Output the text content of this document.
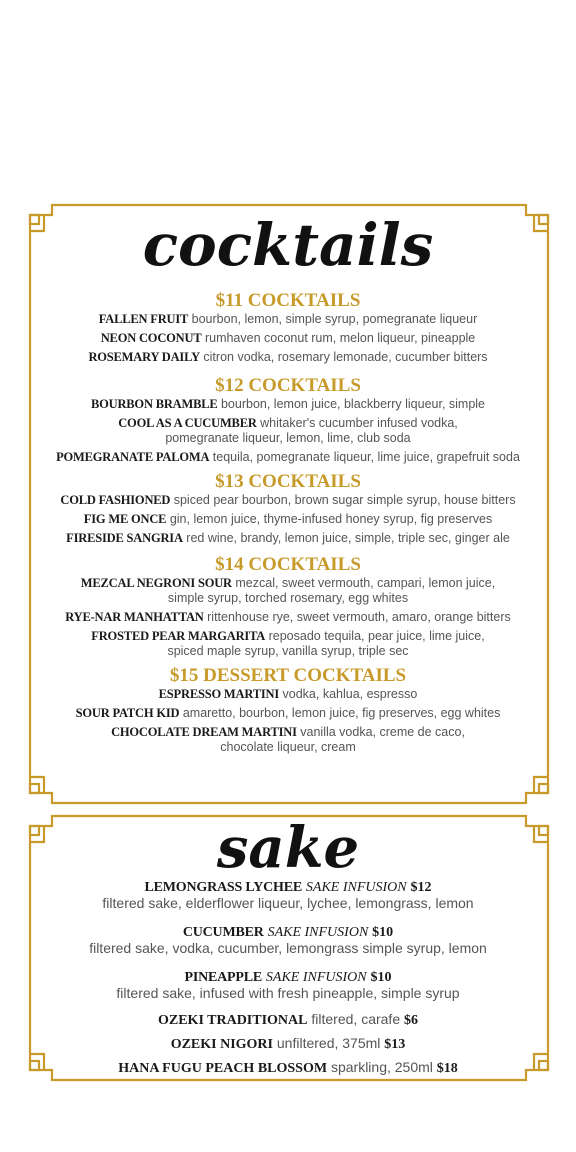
cocktails
$11 COCKTAILS

FALLEN FRUIT bourbon, lemon, simple syrup, pomegranate liqueur

NEON COCONUT rumhaven coconut rum, melon liqueur, pineapple

ROSEMARY DAILY citron vodka, rosemary lemonade, cucumber bitters

$12 COCKTAILS

BOURBON BRAMBLE bourbon, lemon juice, blackberry liqueur, simple

COOL AS A CUCUMBER whitaker's cucumber infused vodka,
pomegranate liqueur, lemon, lime, club soda

POMEGRANATE PALOMA tequila, pomegranate liqueur, lime juice, grapefruit soda

$13 COCKTAILS

COLD FASHIONED spiced pear bourbon, brown sugar simple syrup, house bitters

FIG ME ONCE gin, lemon juice, thyme-infused honey syrup, fig preserves

FIRESIDE SANGRIA red wine, brandy, lemon juice, simple, triple sec, ginger ale

$14 COCKTAILS

MEZCAL NEGRONI SOUR mezcal, sweet vermouth, campari, lemon juice,
simple syrup, torched rosemary, egg whites

RYE-NAR MANHATTAN rittenhouse rye, sweet vermouth, amaro, orange bitters

FROSTED PEAR MARGARITA reposado tequila, pear juice, lime juice,
spiced maple syrup, vanilla syrup, triple sec

$15 DESSERT COCKTAILS

ESPRESSO MARTINI vodka, kahlua, espresso

SOUR PATCH KID amaretto, bourbon, lemon juice, fig preserves, egg whites

CHOCOLATE DREAM MARTINI vanilla vodka, creme de caco,
chocolate liqueur, cream

sake
LEMONGRASS LYCHEE SAKE INFUSION $12
filtered sake, elderflower liqueur, lychee, lemongrass, lemon
CUCUMBER SAKE INFUSION $10
filtered sake, vodka, cucumber, lemongrass simple syrup, lemon
PINEAPPLE SAKE INFUSION $10
filtered sake, infused with fresh pineapple, simple syrup
OZEKI TRADITIONAL filtered, carafe $6
OZEKI NIGORI unfiltered, 375ml $13
HANA FUGU PEACH BLOSSOM sparkling, 250ml $18
